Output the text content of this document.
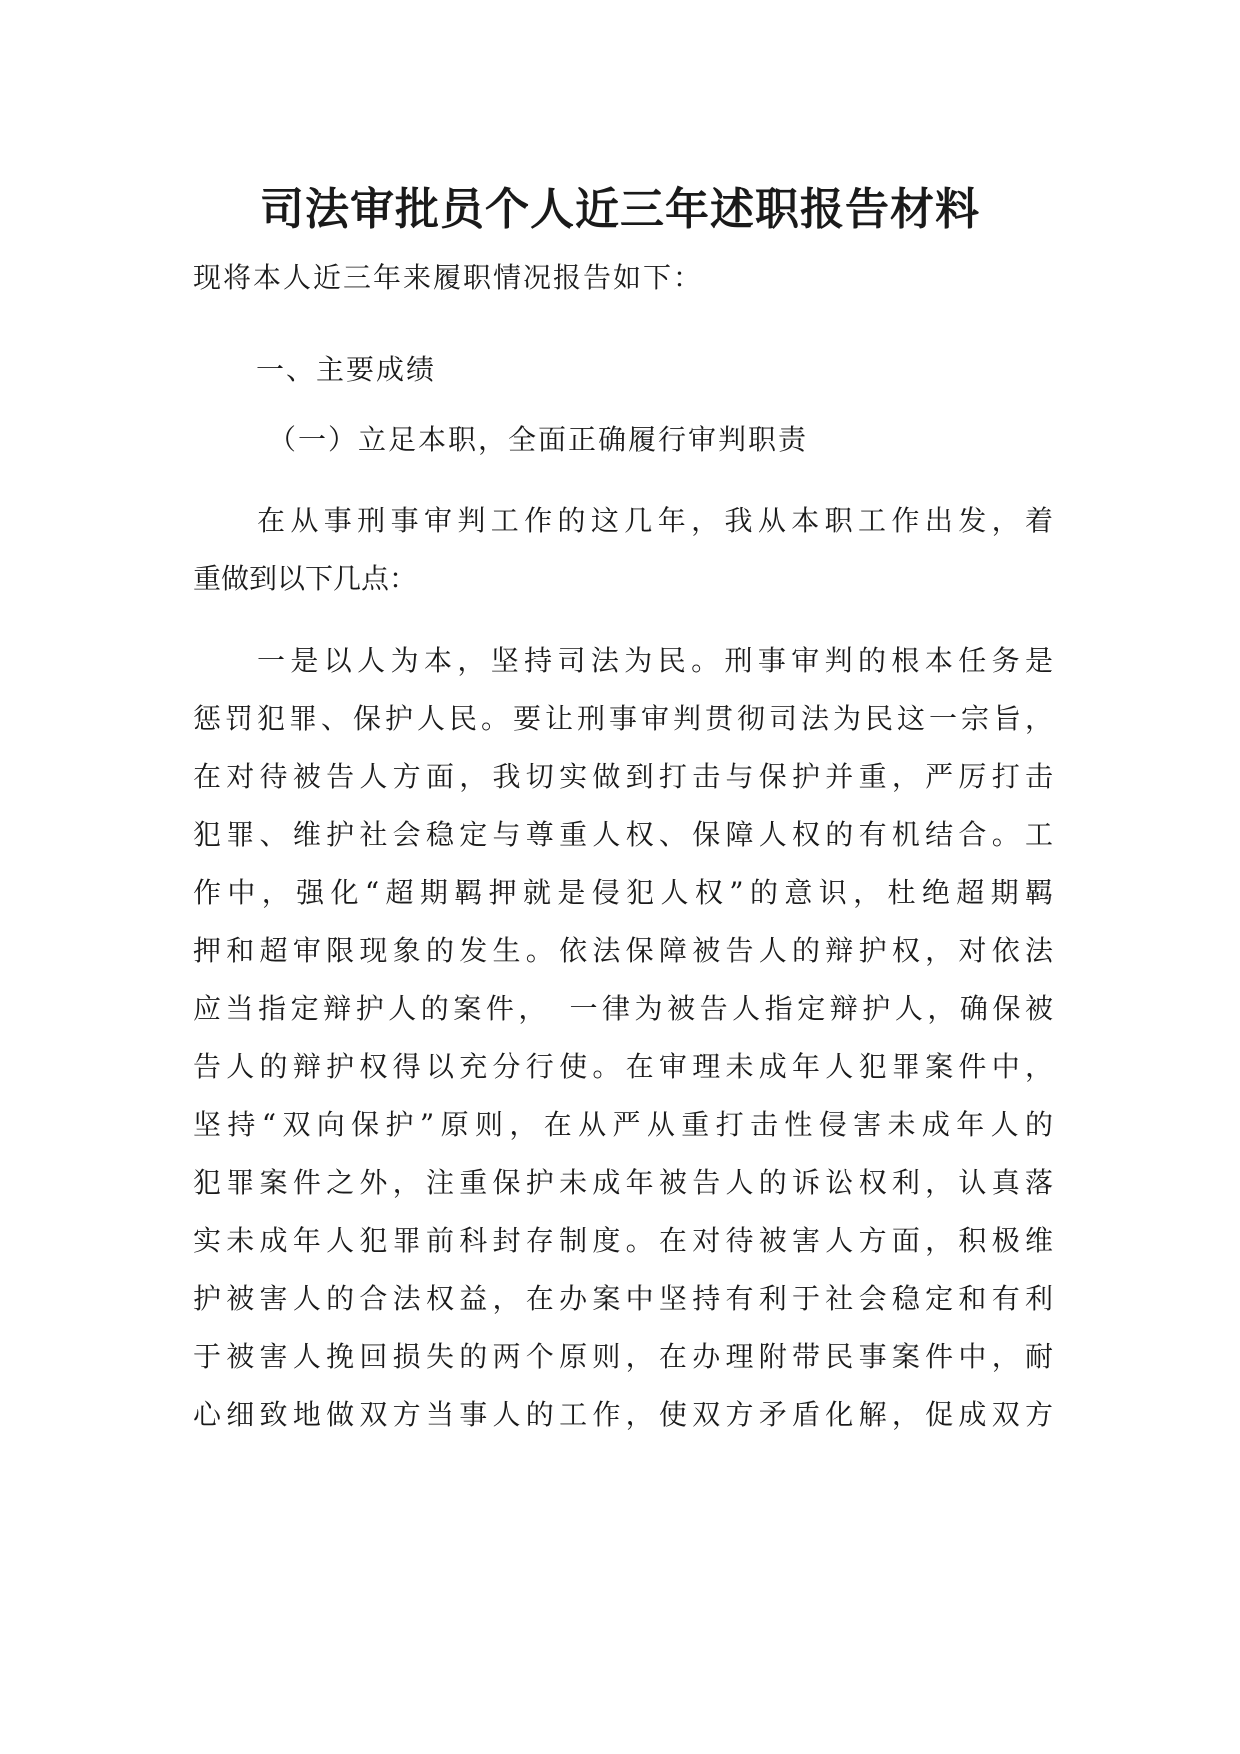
司法审批员个人近三年述职报告材料
现将本人近三年来履职情况报告如下：
一、主要成绩
（一）立足本职，全面正确履行审判职责
在从事刑事审判工作的这几年，我从本职工作出发，着
重做到以下几点：
一是以人为本，坚持司法为民。刑事审判的根本任务是
惩罚犯罪、保护人民。要让刑事审判贯彻司法为民这一宗旨，
在对待被告人方面，我切实做到打击与保护并重，严厉打击
犯罪、维护社会稳定与尊重人权、保障人权的有机结合。工
作中，强化“超期羁押就是侵犯人权”的意识，杜绝超期羁
押和超审限现象的发生。依法保障被告人的辩护权，对依法
应当指定辩护人的案件，　一律为被告人指定辩护人，确保被
告人的辩护权得以充分行使。在审理未成年人犯罪案件中，
坚持“双向保护”原则，在从严从重打击性侵害未成年人的
犯罪案件之外，注重保护未成年被告人的诉讼权利，认真落
实未成年人犯罪前科封存制度。在对待被害人方面，积极维
护被害人的合法权益，在办案中坚持有利于社会稳定和有利
于被害人挽回损失的两个原则，在办理附带民事案件中，耐
心细致地做双方当事人的工作，使双方矛盾化解，促成双方
